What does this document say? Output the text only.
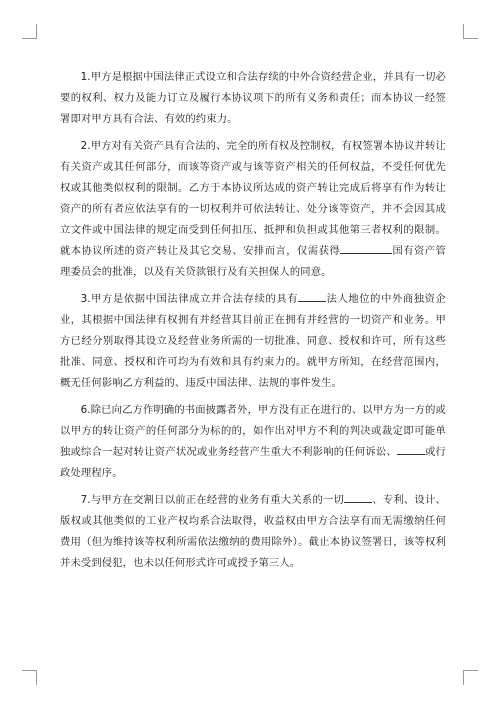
1.甲方是根据中国法律正式设立和合法存续的中外合资经营企业，并具有一切必要的权利、权力及能力订立及履行本协议项下的所有义务和责任；而本协议一经签署即对甲方具有合法、有效的约束力。

2.甲方对有关资产具有合法的、完全的所有权及控制权，有权签署本协议并转让有关资产或其任何部分，而该等资产或与该等资产相关的任何权益，不受任何优先权或其他类似权利的限制。乙方于本协议所达成的资产转让完成后将享有作为转让资产的所有者应依法享有的一切权利并可依法转让、处分该等资产，并不会因其成立文件或中国法律的规定而受到任何扣压、抵押和负担或其他第三者权利的限制。就本协议所述的资产转让及其它交易、安排而言，仅需获得	国有资产管理委员会的批准，以及有关贷款银行及有关担保人的同意。

3.甲方是依据中国法律成立并合法存续的具有	法人地位的中外商独资企业，其根据中国法律有权拥有并经营其目前正在拥有并经营的一切资产和业务。甲方已经分别取得其设立及经营业务所需的一切批准、同意、授权和许可，所有这些批准、同意、授权和许可均为有效和具有约束力的。就甲方所知，在经营范围内，概无任何影响乙方利益的、违反中国法律、法规的事件发生。

6.除已向乙方作明确的书面披露者外，甲方没有正在进行的、以甲方为一方的或以甲方的转让资产的任何部分为标的的，如作出对甲方不利的判决或裁定即可能单独或综合一起对转让资产状况或业务经营产生重大不利影响的任何诉讼、	或行政处理程序。

7.与甲方在交割日以前正在经营的业务有重大关系的一切	、专利、设计、版权或其他类似的工业产权均系合法取得，收益权由甲方合法享有而无需缴纳任何费用（但为维持该等权利所需依法缴纳的费用除外）。截止本协议签署日，该等权利并未受到侵犯，也未以任何形式许可或授予第三人。
